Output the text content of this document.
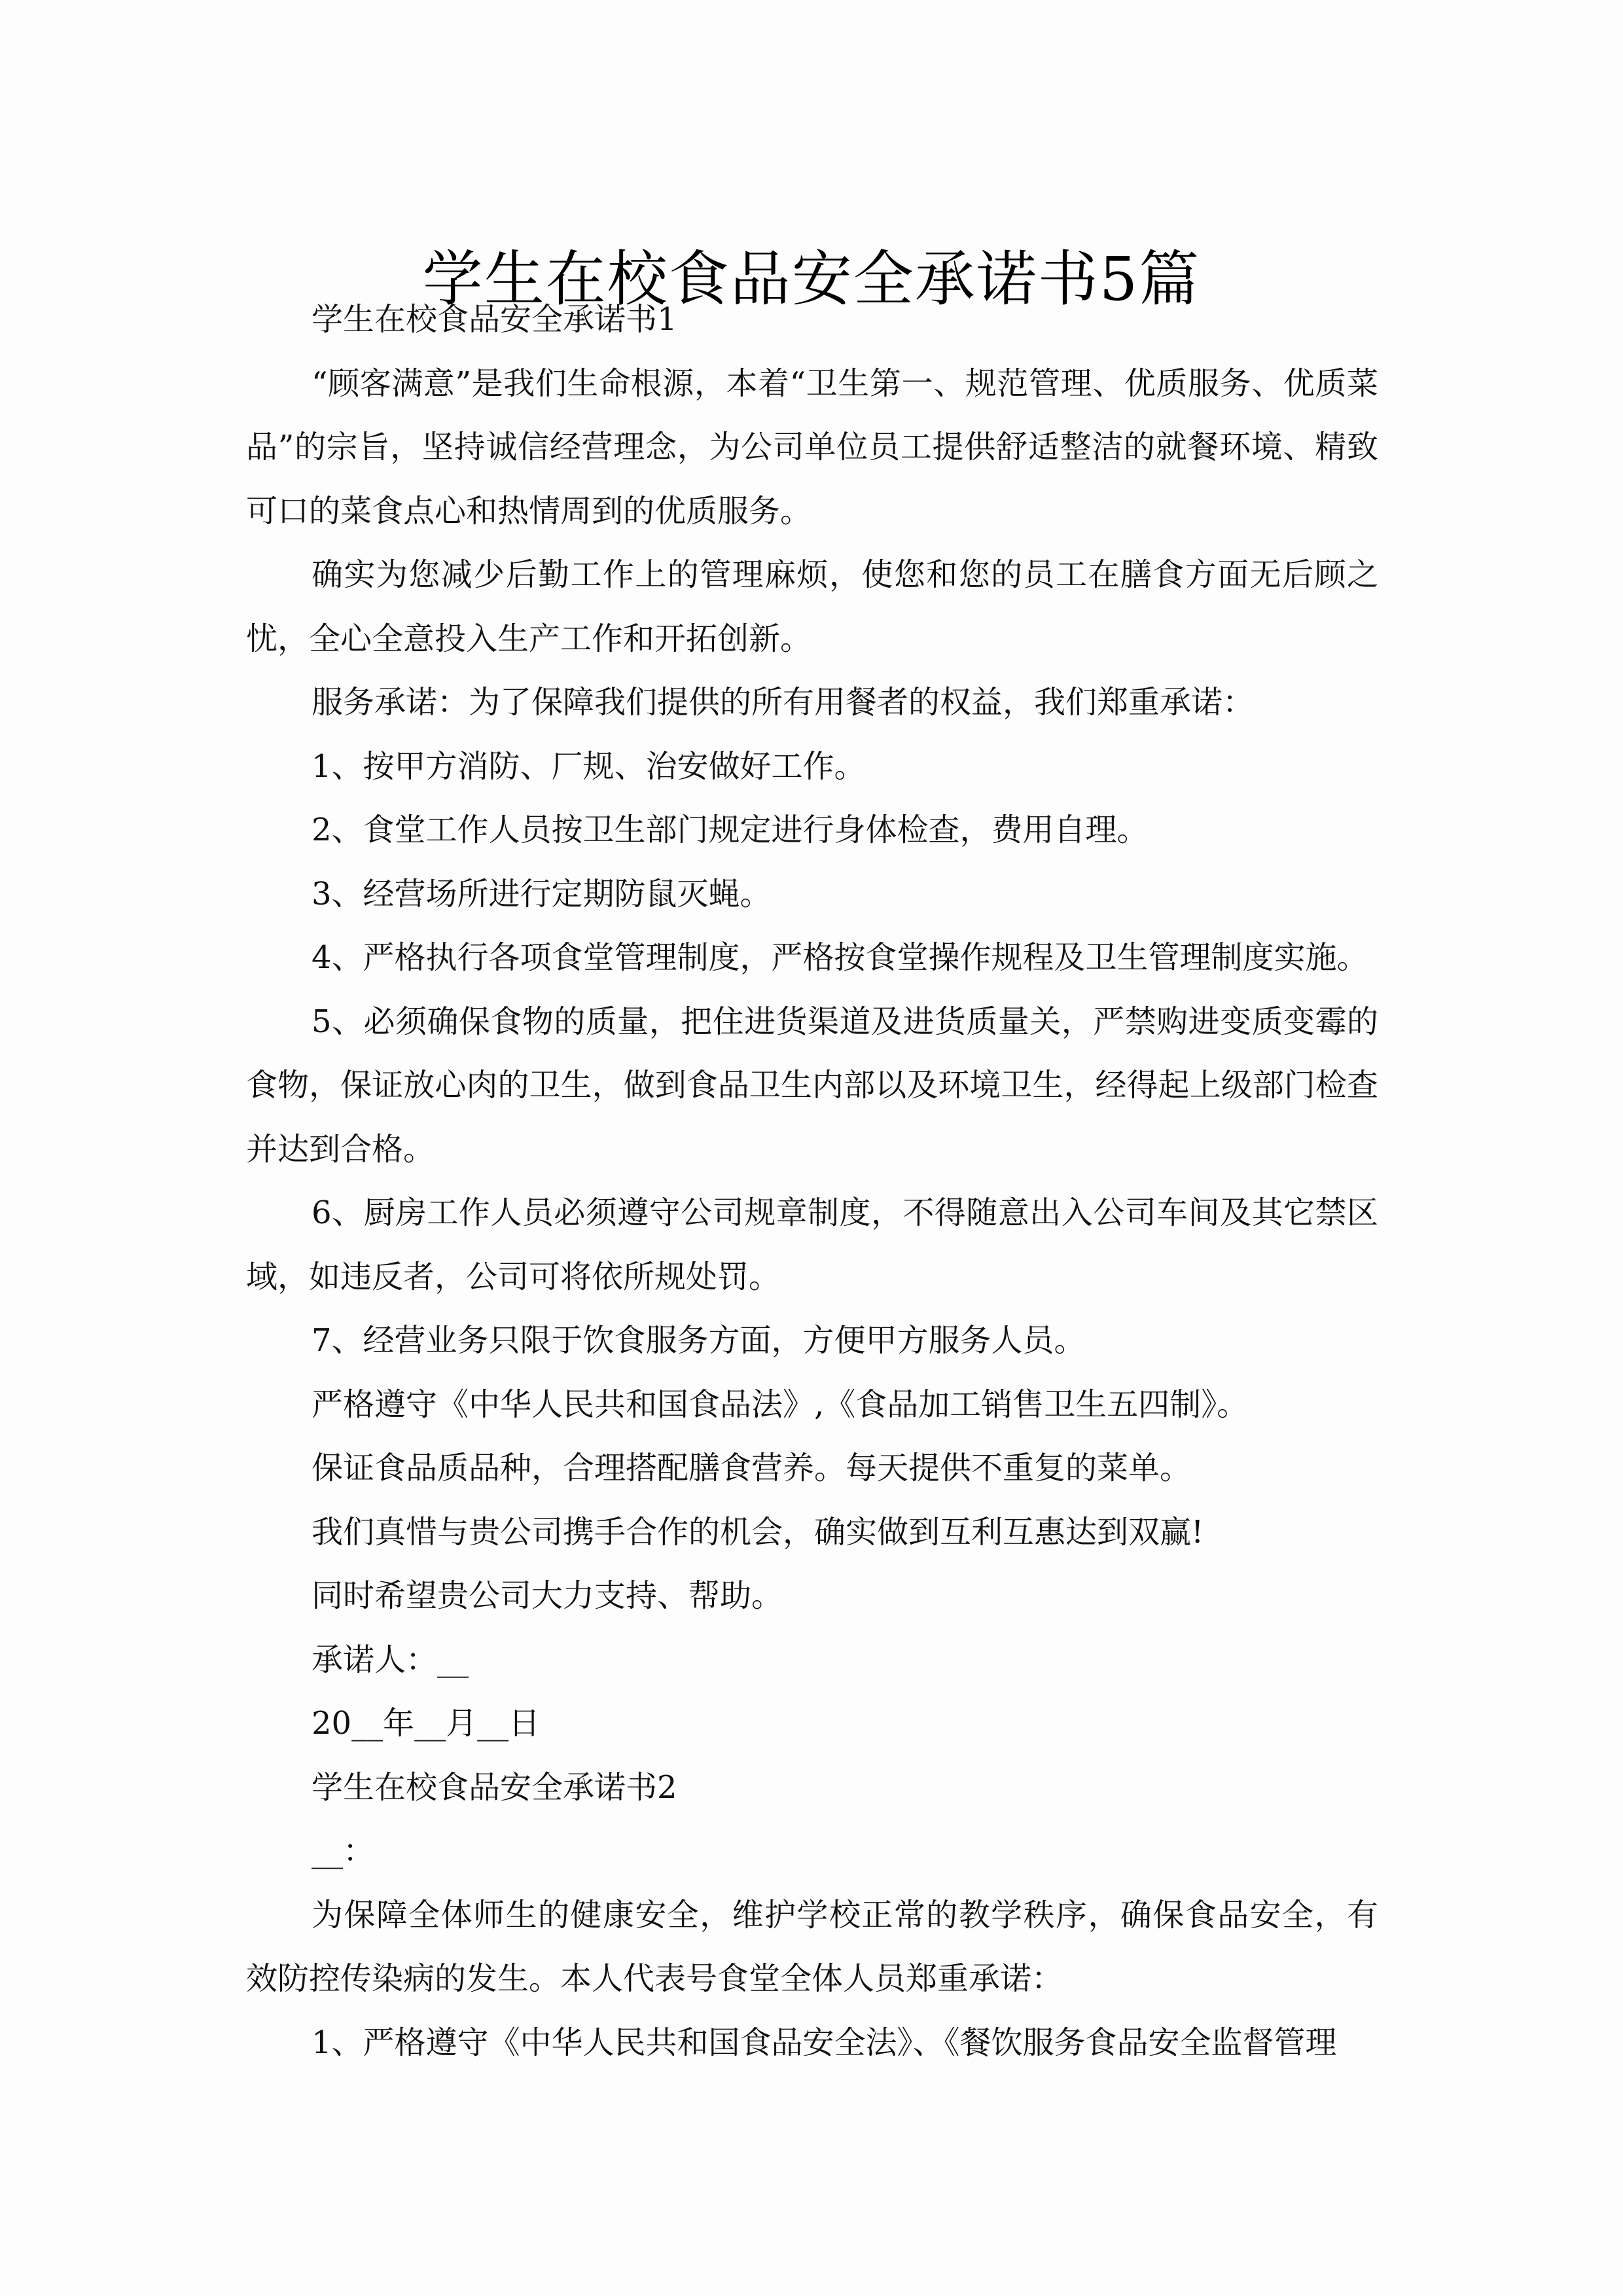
学生在校食品安全承诺书5篇

学生在校食品安全承诺书1

“顾客满意”是我们生命根源，本着“卫生第一、规范管理、优质服务、优质菜品”的宗旨，坚持诚信经营理念，为公司单位员工提供舒适整洁的就餐环境、精致可口的菜食点心和热情周到的优质服务。

确实为您减少后勤工作上的管理麻烦，使您和您的员工在膳食方面无后顾之忧，全心全意投入生产工作和开拓创新。

服务承诺：为了保障我们提供的所有用餐者的权益，我们郑重承诺：

1、按甲方消防、厂规、治安做好工作。

2、食堂工作人员按卫生部门规定进行身体检查，费用自理。

3、经营场所进行定期防鼠灭蝇。

4、严格执行各项食堂管理制度，严格按食堂操作规程及卫生管理制度实施。

5、必须确保食物的质量，把住进货渠道及进货质量关，严禁购进变质变霉的食物，保证放心肉的卫生，做到食品卫生内部以及环境卫生，经得起上级部门检查并达到合格。

6、厨房工作人员必须遵守公司规章制度，不得随意出入公司车间及其它禁区域，如违反者，公司可将依所规处罚。

7、经营业务只限于饮食服务方面，方便甲方服务人员。

严格遵守《中华人民共和国食品法》,《食品加工销售卫生五四制》。

保证食品质品种，合理搭配膳食营养。每天提供不重复的菜单。

我们真惜与贵公司携手合作的机会，确实做到互利互惠达到双赢!

同时希望贵公司大力支持、帮助。

承诺人：__

20__年__月__日

学生在校食品安全承诺书2

__：

为保障全体师生的健康安全，维护学校正常的教学秩序，确保食品安全，有效防控传染病的发生。本人代表号食堂全体人员郑重承诺：

1、严格遵守《中华人民共和国食品安全法》、《餐饮服务食品安全监督管理
